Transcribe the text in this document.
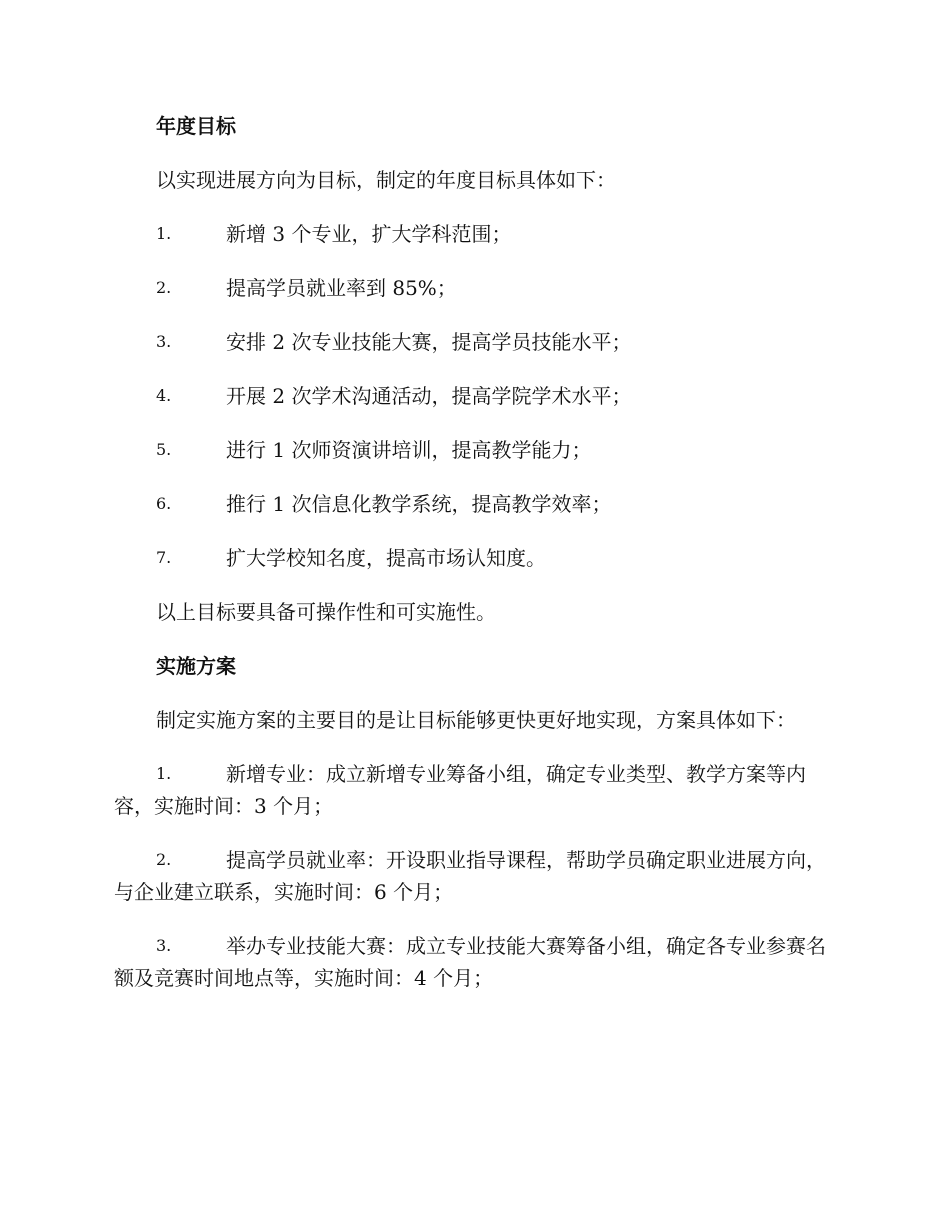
年度目标

以实现进展方向为目标，制定的年度目标具体如下：

1.	新增 3 个专业，扩大学科范围；
2.	提高学员就业率到 85%；
3.	安排 2 次专业技能大赛，提高学员技能水平；
4.	开展 2 次学术沟通活动，提高学院学术水平；
5.	进行 1 次师资演讲培训，提高教学能力；
6.	推行 1 次信息化教学系统，提高教学效率；
7.	扩大学校知名度，提高市场认知度。

以上目标要具备可操作性和可实施性。

实施方案

制定实施方案的主要目的是让目标能够更快更好地实现，方案具体如下：

1.	新增专业：成立新增专业筹备小组，确定专业类型、教学方案等内容，实施时间：3 个月；
2.	提高学员就业率：开设职业指导课程，帮助学员确定职业进展方向，与企业建立联系，实施时间：6 个月；
3.	举办专业技能大赛：成立专业技能大赛筹备小组，确定各专业参赛名额及竞赛时间地点等，实施时间：4 个月；
